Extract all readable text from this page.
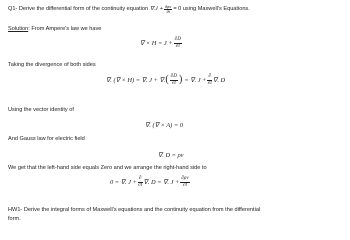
Q1- Derive the differential form of the continuity equation $\nabla.J + \frac{\partial\rho v}{\partial t} = 0$ using Maxwell's Equations.
Solution: From Ampere's law we have
∇ × $H = J + \frac{\partial D}{\partial t}$
Taking the divergence of both sides
∇. (∇ × H) = ∇. J + ∇. ( $\frac{\partial D}{\partial t}$ ) = ∇. $J + \frac{\partial}{\partial t}$ ∇. D
Using the vector identity of
∇. (∇ × A) = 0
And Gauss law for electric field
∇. D = ρv
We get that the left-hand side equals Zero and we arrange the right-hand side to
0 = ∇. $J + \frac{\partial}{\partial t}$ ∇. D = ∇. $J + \frac{\partial\rho v}{\partial t}$
HW1- Derive the integral forms of Maxwell's equations and the continuity equation from the differential
form.
